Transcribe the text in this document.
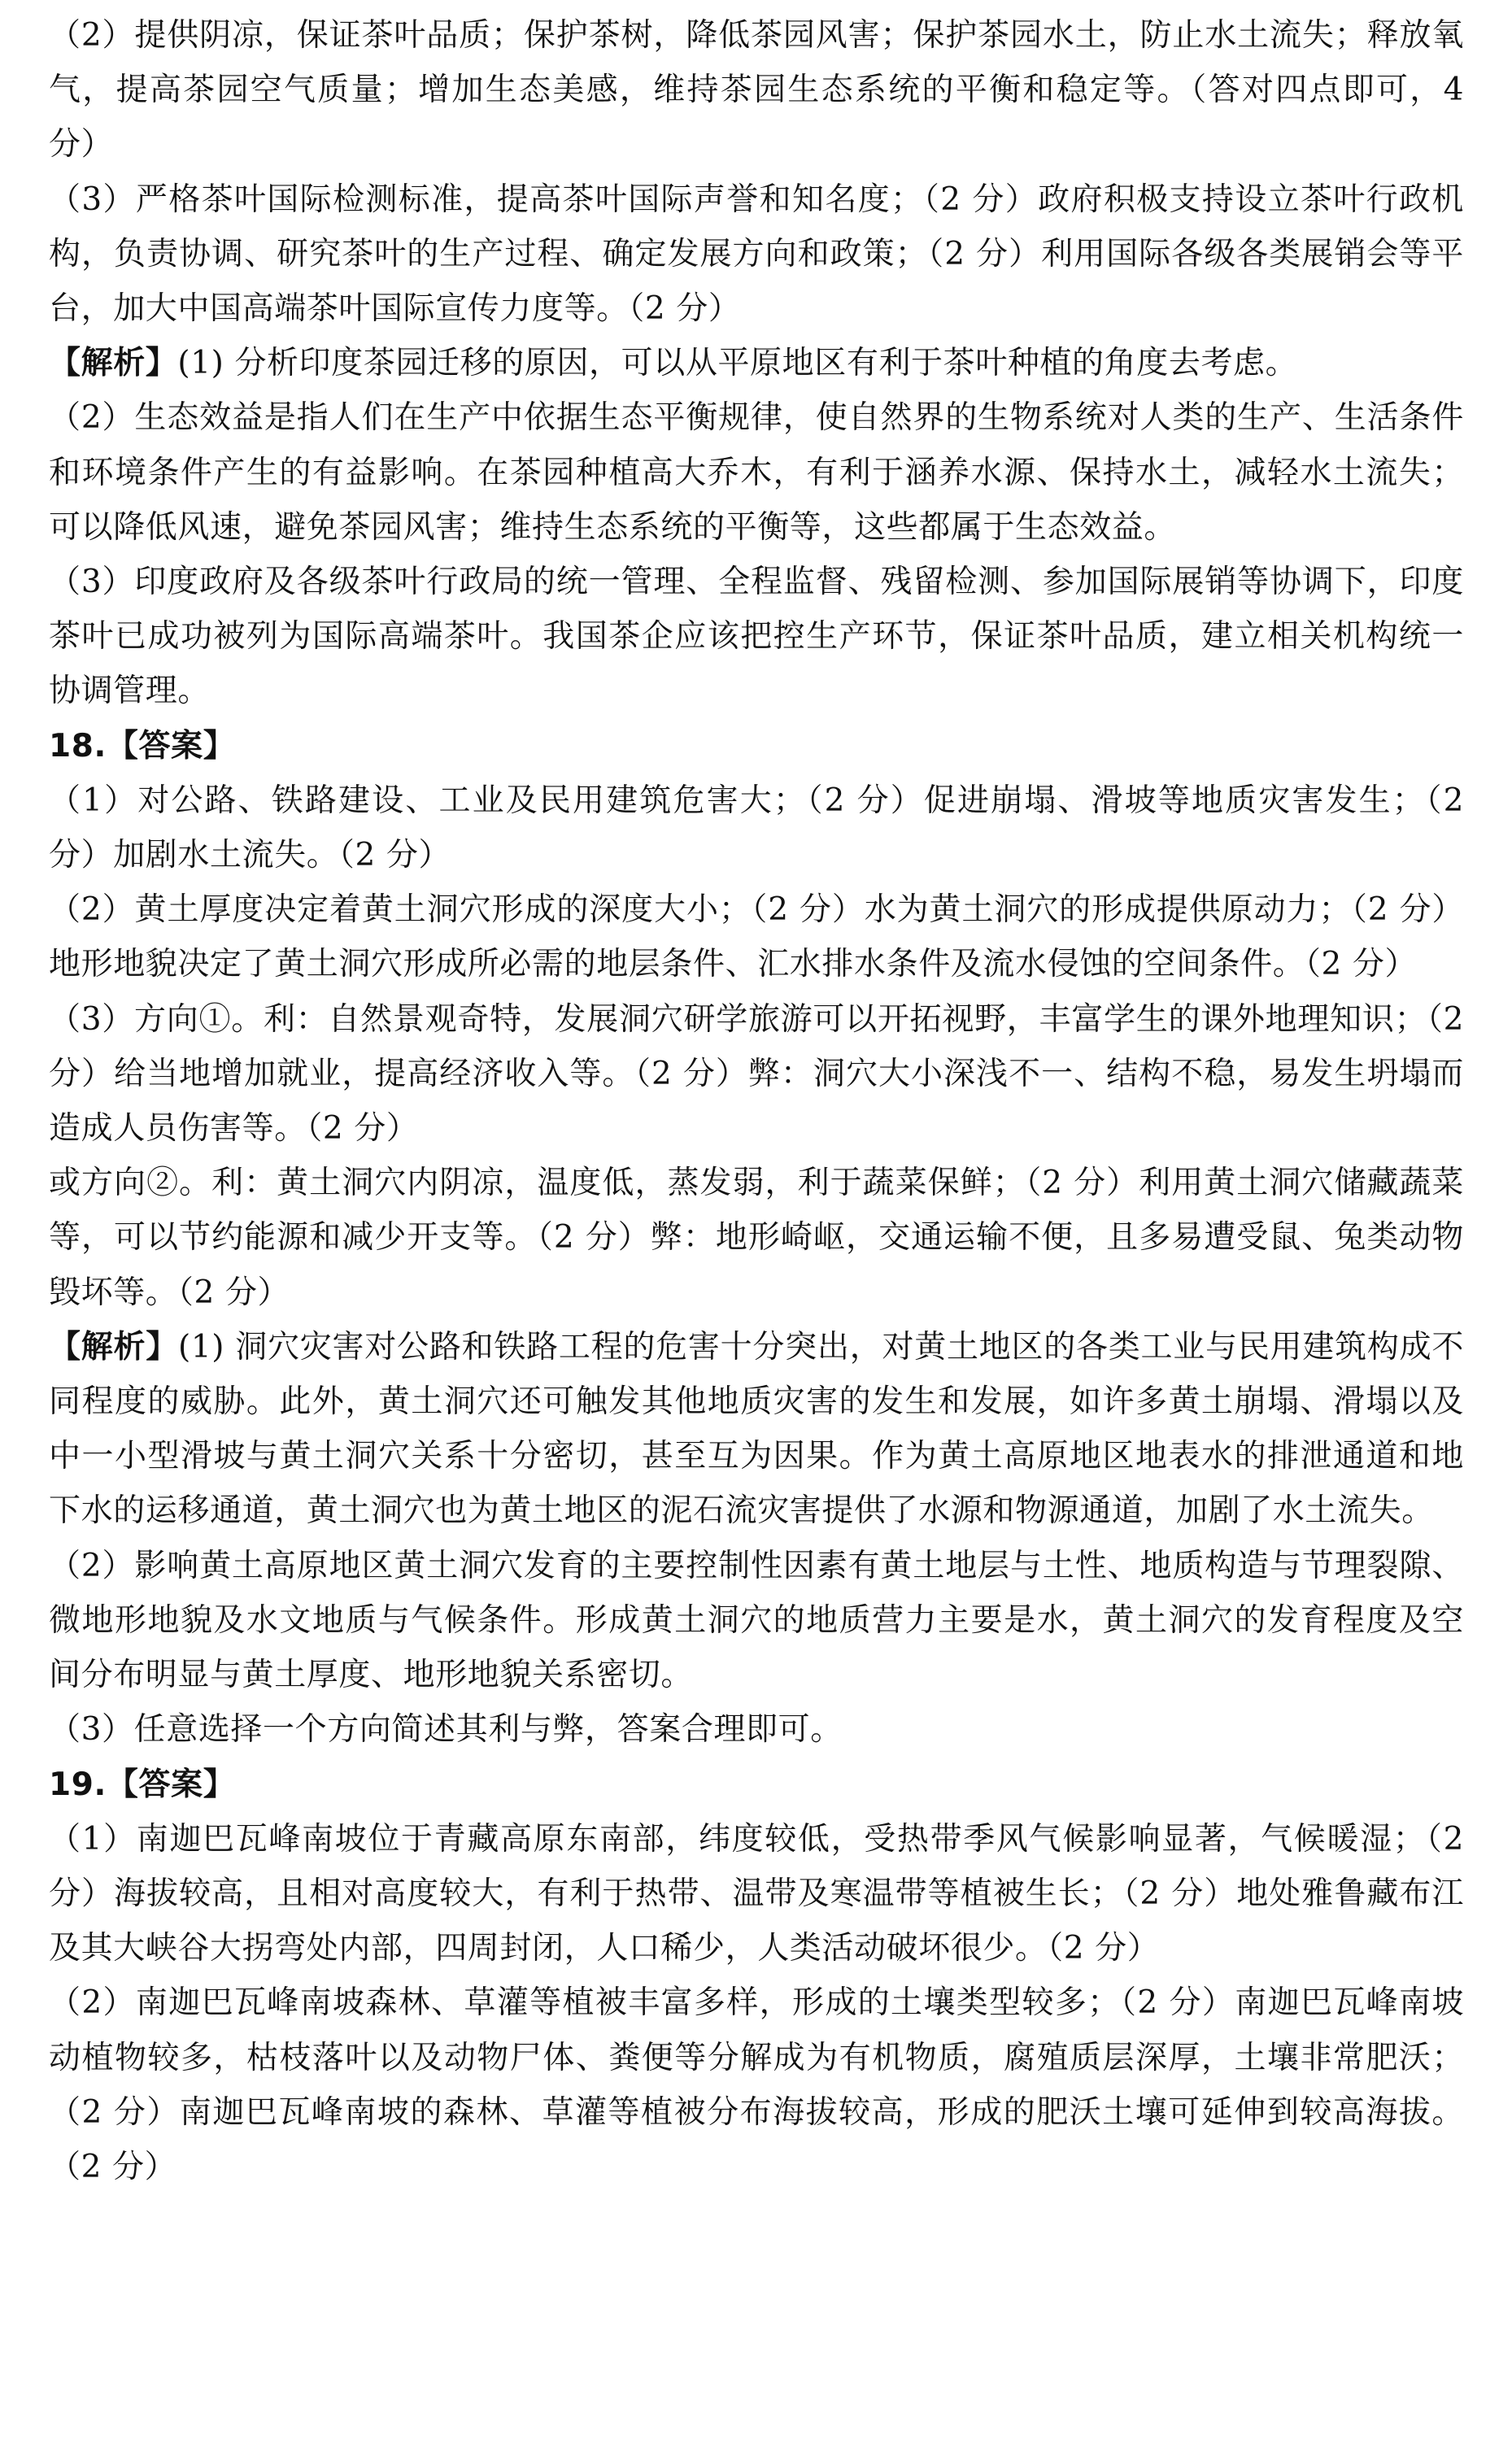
（2）提供阴凉，保证茶叶品质；保护茶树，降低茶园风害；保护茶园水土，防止水土流失；释放氧气，提高茶园空气质量；增加生态美感，维持茶园生态系统的平衡和稳定等。（答对四点即可，4 分）

（3）严格茶叶国际检测标准，提高茶叶国际声誉和知名度；（2 分）政府积极支持设立茶叶行政机构，负责协调、研究茶叶的生产过程、确定发展方向和政策；（2 分）利用国际各级各类展销会等平台，加大中国高端茶叶国际宣传力度等。（2 分）

【解析】(1) 分析印度茶园迁移的原因，可以从平原地区有利于茶叶种植的角度去考虑。

（2）生态效益是指人们在生产中依据生态平衡规律，使自然界的生物系统对人类的生产、生活条件和环境条件产生的有益影响。在茶园种植高大乔木，有利于涵养水源、保持水土，减轻水土流失；可以降低风速，避免茶园风害；维持生态系统的平衡等，这些都属于生态效益。

（3）印度政府及各级茶叶行政局的统一管理、全程监督、残留检测、参加国际展销等协调下，印度茶叶已成功被列为国际高端茶叶。我国茶企应该把控生产环节，保证茶叶品质，建立相关机构统一协调管理。

18.【答案】

（1）对公路、铁路建设、工业及民用建筑危害大；（2 分）促进崩塌、滑坡等地质灾害发生；（2 分）加剧水土流失。（2 分）

（2）黄土厚度决定着黄土洞穴形成的深度大小；（2 分）水为黄土洞穴的形成提供原动力；（2 分）地形地貌决定了黄土洞穴形成所必需的地层条件、汇水排水条件及流水侵蚀的空间条件。（2 分）

（3）方向①。利：自然景观奇特，发展洞穴研学旅游可以开拓视野，丰富学生的课外地理知识；（2 分）给当地增加就业，提高经济收入等。（2 分）弊：洞穴大小深浅不一、结构不稳，易发生坍塌而造成人员伤害等。（2 分）

或方向②。利：黄土洞穴内阴凉，温度低，蒸发弱，利于蔬菜保鲜；（2 分）利用黄土洞穴储藏蔬菜等，可以节约能源和减少开支等。（2 分）弊：地形崎岖，交通运输不便，且多易遭受鼠、兔类动物毁坏等。（2 分）

【解析】(1) 洞穴灾害对公路和铁路工程的危害十分突出，对黄土地区的各类工业与民用建筑构成不同程度的威胁。此外，黄土洞穴还可触发其他地质灾害的发生和发展，如许多黄土崩塌、滑塌以及中一小型滑坡与黄土洞穴关系十分密切，甚至互为因果。作为黄土高原地区地表水的排泄通道和地下水的运移通道，黄土洞穴也为黄土地区的泥石流灾害提供了水源和物源通道，加剧了水土流失。

（2）影响黄土高原地区黄土洞穴发育的主要控制性因素有黄土地层与土性、地质构造与节理裂隙、微地形地貌及水文地质与气候条件。形成黄土洞穴的地质营力主要是水，黄土洞穴的发育程度及空间分布明显与黄土厚度、地形地貌关系密切。

（3）任意选择一个方向简述其利与弊，答案合理即可。

19.【答案】

（1）南迦巴瓦峰南坡位于青藏高原东南部，纬度较低，受热带季风气候影响显著，气候暖湿；（2 分）海拔较高，且相对高度较大，有利于热带、温带及寒温带等植被生长；（2 分）地处雅鲁藏布江及其大峡谷大拐弯处内部，四周封闭，人口稀少，人类活动破坏很少。（2 分）

（2）南迦巴瓦峰南坡森林、草灌等植被丰富多样，形成的土壤类型较多；（2 分）南迦巴瓦峰南坡动植物较多，枯枝落叶以及动物尸体、粪便等分解成为有机物质，腐殖质层深厚，土壤非常肥沃；（2 分）南迦巴瓦峰南坡的森林、草灌等植被分布海拔较高，形成的肥沃土壤可延伸到较高海拔。（2 分）
